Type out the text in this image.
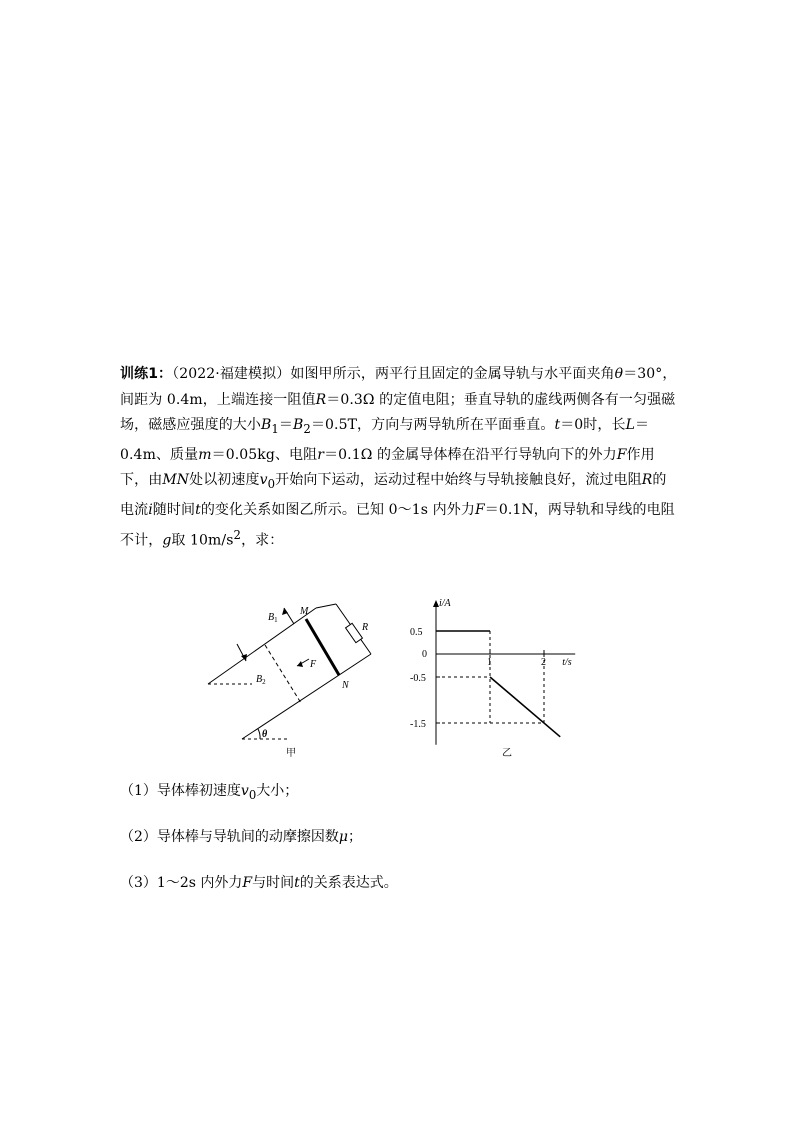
训练1：（2022·福建模拟）如图甲所示，两平行且固定的金属导轨与水平面夹角θ＝30°，间距为 0.4m，上端连接一阻值R＝0.3Ω 的定值电阻；垂直导轨的虚线两侧各有一匀强磁场，磁感应强度的大小$B_1=B_2=0.5T$，方向与两导轨所在平面垂直。t＝0时，长L＝0.4m、质量m＝0.05kg、电阻r＝0.1Ω 的金属导体棒在沿平行导轨向下的外力F作用下，由MN处以初速度$v_0$开始向下运动，运动过程中始终与导轨接触良好，流过电阻R的电流i随时间t的变化关系如图乙所示。已知 0～1s 内外力F＝0.1N，两导轨和导线的电阻不计，g取 $10m/s^2$，求：

$B_1$
$B_2$
M
N
R
F
θ
甲
0.5
-0.5
-1.5
1	2
i/A
t/s
0
乙

（1）导体棒初速度$v_0$大小；

（2）导体棒与导轨间的动摩擦因数μ；

（3）1～2s 内外力F与时间t的关系表达式。
